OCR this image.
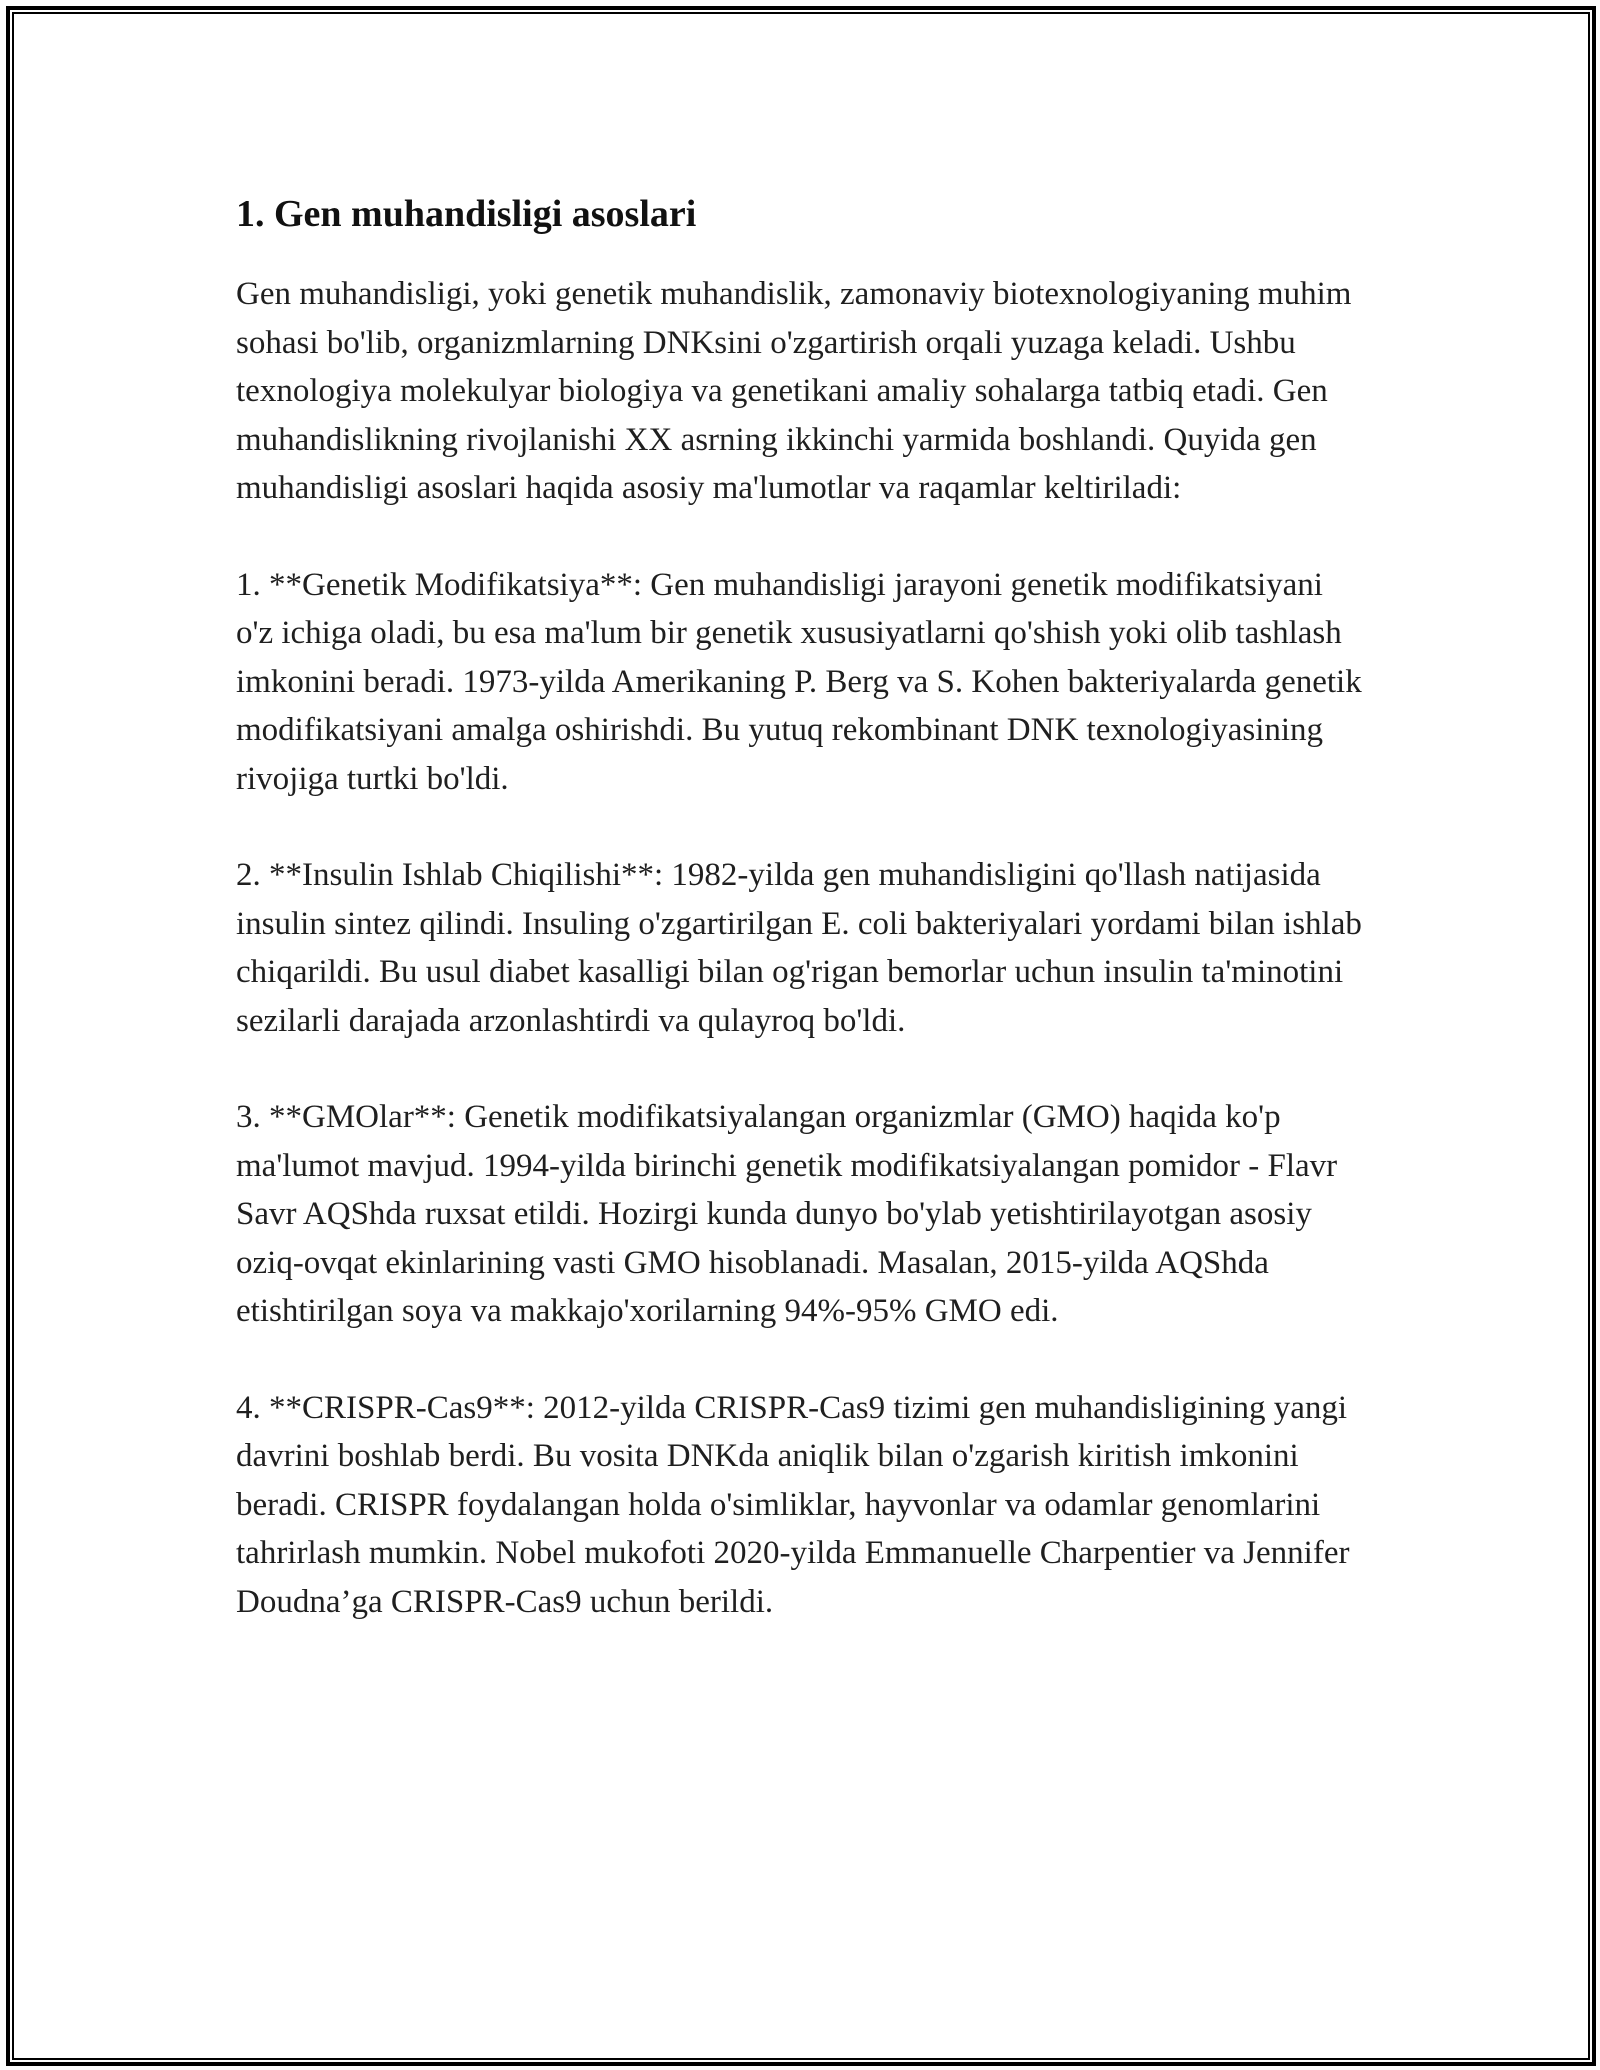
1. Gen muhandisligi asoslari

Gen muhandisligi, yoki genetik muhandislik, zamonaviy biotexnologiyaning muhim sohasi bo'lib, organizmlarning DNKsini o'zgartirish orqali yuzaga keladi. Ushbu texnologiya molekulyar biologiya va genetikani amaliy sohalarga tatbiq etadi. Gen muhandislikning rivojlanishi XX asrning ikkinchi yarmida boshlandi. Quyida gen muhandisligi asoslari haqida asosiy ma'lumotlar va raqamlar keltiriladi:

1. **Genetik Modifikatsiya**: Gen muhandisligi jarayoni genetik modifikatsiyani o'z ichiga oladi, bu esa ma'lum bir genetik xususiyatlarni qo'shish yoki olib tashlash imkonini beradi. 1973-yilda Amerikaning P. Berg va S. Kohen bakteriyalarda genetik modifikatsiyani amalga oshirishdi. Bu yutuq rekombinant DNK texnologiyasining rivojiga turtki bo'ldi.

2. **Insulin Ishlab Chiqilishi**: 1982-yilda gen muhandisligini qo'llash natijasida insulin sintez qilindi. Insuling o'zgartirilgan E. coli bakteriyalari yordami bilan ishlab chiqarildi. Bu usul diabet kasalligi bilan og'rigan bemorlar uchun insulin ta'minotini sezilarli darajada arzonlashtirdi va qulayroq bo'ldi.

3. **GMOlar**: Genetik modifikatsiyalangan organizmlar (GMO) haqida ko'p ma'lumot mavjud. 1994-yilda birinchi genetik modifikatsiyalangan pomidor - Flavr Savr AQShda ruxsat etildi. Hozirgi kunda dunyo bo'ylab yetishtirilayotgan asosiy oziq-ovqat ekinlarining vasti GMO hisoblanadi. Masalan, 2015-yilda AQShda etishtirilgan soya va makkajo'xorilarning 94%-95% GMO edi.

4. **CRISPR-Cas9**: 2012-yilda CRISPR-Cas9 tizimi gen muhandisligining yangi davrini boshlab berdi. Bu vosita DNKda aniqlik bilan o'zgarish kiritish imkonini beradi. CRISPR foydalangan holda o'simliklar, hayvonlar va odamlar genomlarini tahrirlash mumkin. Nobel mukofoti 2020-yilda Emmanuelle Charpentier va Jennifer Doudna’ga CRISPR-Cas9 uchun berildi.
